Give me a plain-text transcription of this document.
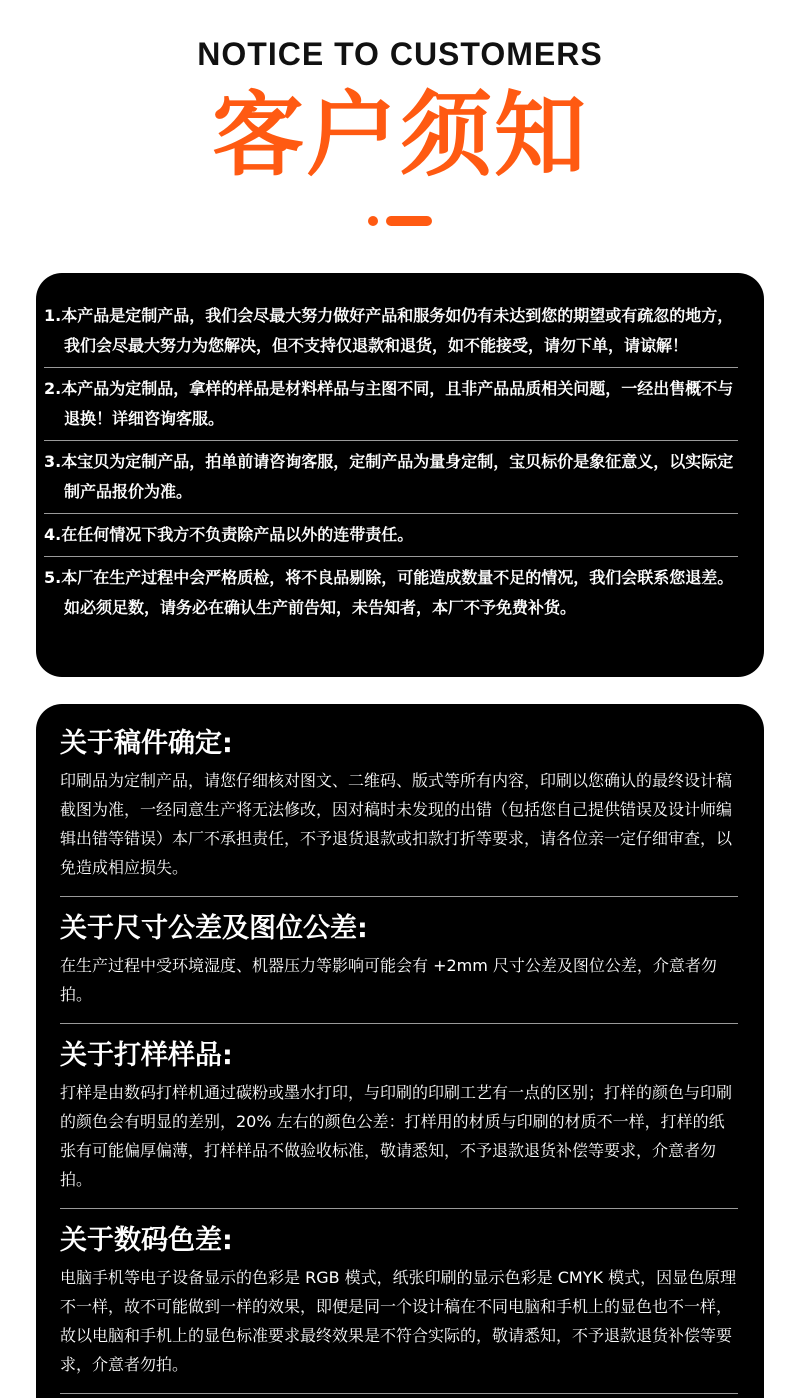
NOTICE TO CUSTOMERS
客户须知
1.本产品是定制产品，我们会尽最大努力做好产品和服务如仍有未达到您的期望或有疏忽的地方，我们会尽最大努力为您解决，但不支持仅退款和退货，如不能接受，请勿下单，请谅解！
2.本产品为定制品，拿样的样品是材料样品与主图不同，且非产品品质相关问题，一经出售概不与退换！详细咨询客服。
3.本宝贝为定制产品，拍单前请咨询客服，定制产品为量身定制，宝贝标价是象征意义，以实际定制产品报价为准。
4.在任何情况下我方不负责除产品以外的连带责任。
5.本厂在生产过程中会严格质检，将不良品剔除，可能造成数量不足的情况，我们会联系您退差。如必须足数，请务必在确认生产前告知，未告知者，本厂不予免费补货。
关于稿件确定:
印刷品为定制产品，请您仔细核对图文、二维码、版式等所有内容，印刷以您确认的最终设计稿截图为准，一经同意生产将无法修改，因对稿时未发现的出错（包括您自己提供错误及设计师编辑出错等错误）本厂不承担责任，不予退货退款或扣款打折等要求，请各位亲一定仔细审查，以免造成相应损失。
关于尺寸公差及图位公差:
在生产过程中受环境湿度、机器压力等影响可能会有 +2mm 尺寸公差及图位公差，介意者勿拍。
关于打样样品:
打样是由数码打样机通过碳粉或墨水打印，与印刷的印刷工艺有一点的区别；打样的颜色与印刷的颜色会有明显的差别，20% 左右的颜色公差：打样用的材质与印刷的材质不一样，打样的纸张有可能偏厚偏薄，打样样品不做验收标准，敬请悉知，不予退款退货补偿等要求，介意者勿拍。
关于数码色差:
电脑手机等电子设备显示的色彩是 RGB 模式，纸张印刷的显示色彩是 CMYK 模式，因显色原理不一样，故不可能做到一样的效果，即便是同一个设计稿在不同电脑和手机上的显色也不一样，故以电脑和手机上的显色标准要求最终效果是不符合实际的，敬请悉知，不予退款退货补偿等要求，介意者勿拍。
